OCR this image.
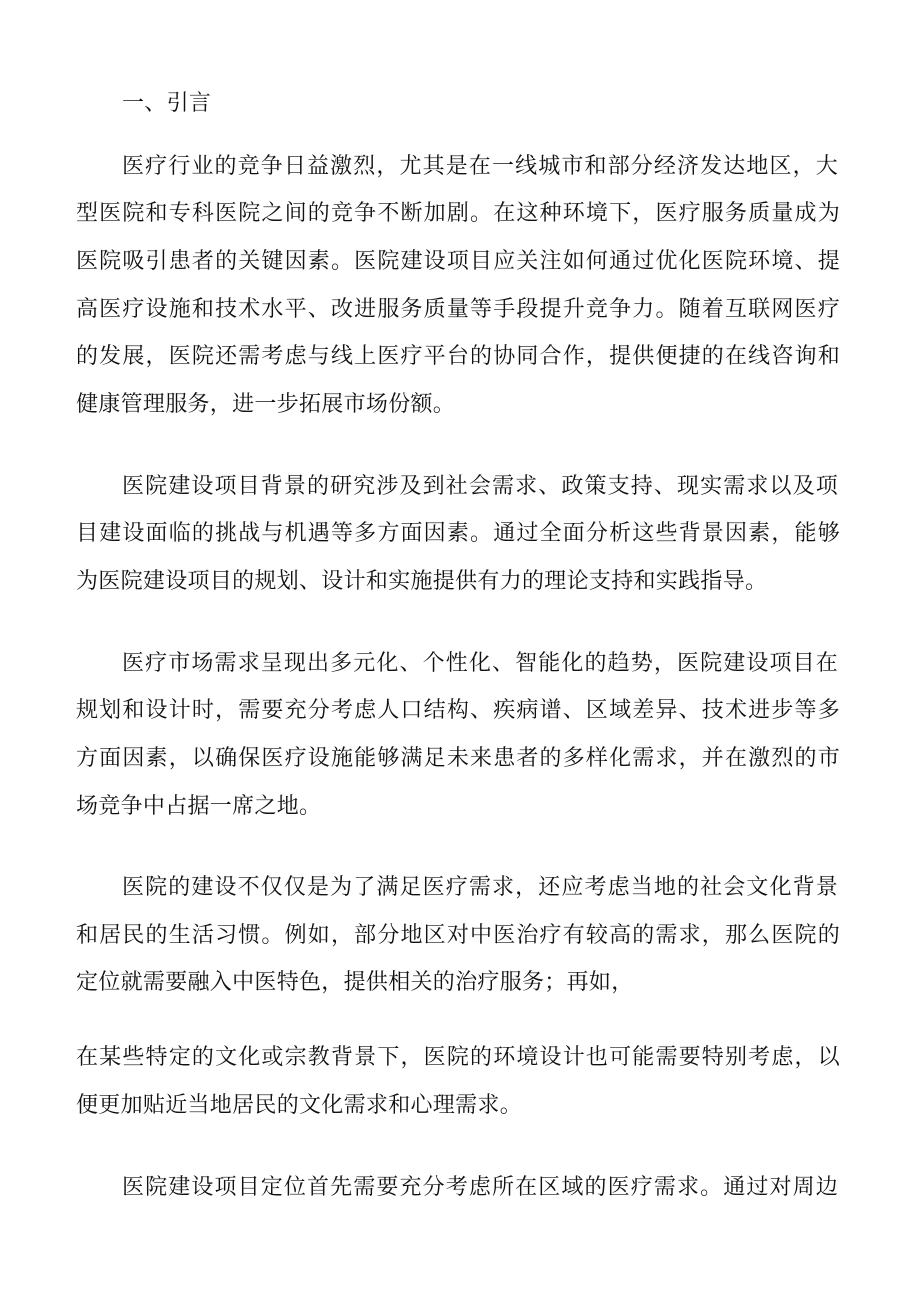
一、引言
医疗行业的竞争日益激烈，尤其是在一线城市和部分经济发达地区，大
型医院和专科医院之间的竞争不断加剧。在这种环境下，医疗服务质量成为
医院吸引患者的关键因素。医院建设项目应关注如何通过优化医院环境、提
高医疗设施和技术水平、改进服务质量等手段提升竞争力。随着互联网医疗
的发展，医院还需考虑与线上医疗平台的协同合作，提供便捷的在线咨询和
健康管理服务，进一步拓展市场份额。
医院建设项目背景的研究涉及到社会需求、政策支持、现实需求以及项
目建设面临的挑战与机遇等多方面因素。通过全面分析这些背景因素，能够
为医院建设项目的规划、设计和实施提供有力的理论支持和实践指导。
医疗市场需求呈现出多元化、个性化、智能化的趋势，医院建设项目在
规划和设计时，需要充分考虑人口结构、疾病谱、区域差异、技术进步等多
方面因素，以确保医疗设施能够满足未来患者的多样化需求，并在激烈的市
场竞争中占据一席之地。
医院的建设不仅仅是为了满足医疗需求，还应考虑当地的社会文化背景
和居民的生活习惯。例如，部分地区对中医治疗有较高的需求，那么医院的
定位就需要融入中医特色，提供相关的治疗服务；再如，
在某些特定的文化或宗教背景下，医院的环境设计也可能需要特别考虑，以
便更加贴近当地居民的文化需求和心理需求。
医院建设项目定位首先需要充分考虑所在区域的医疗需求。通过对周边
